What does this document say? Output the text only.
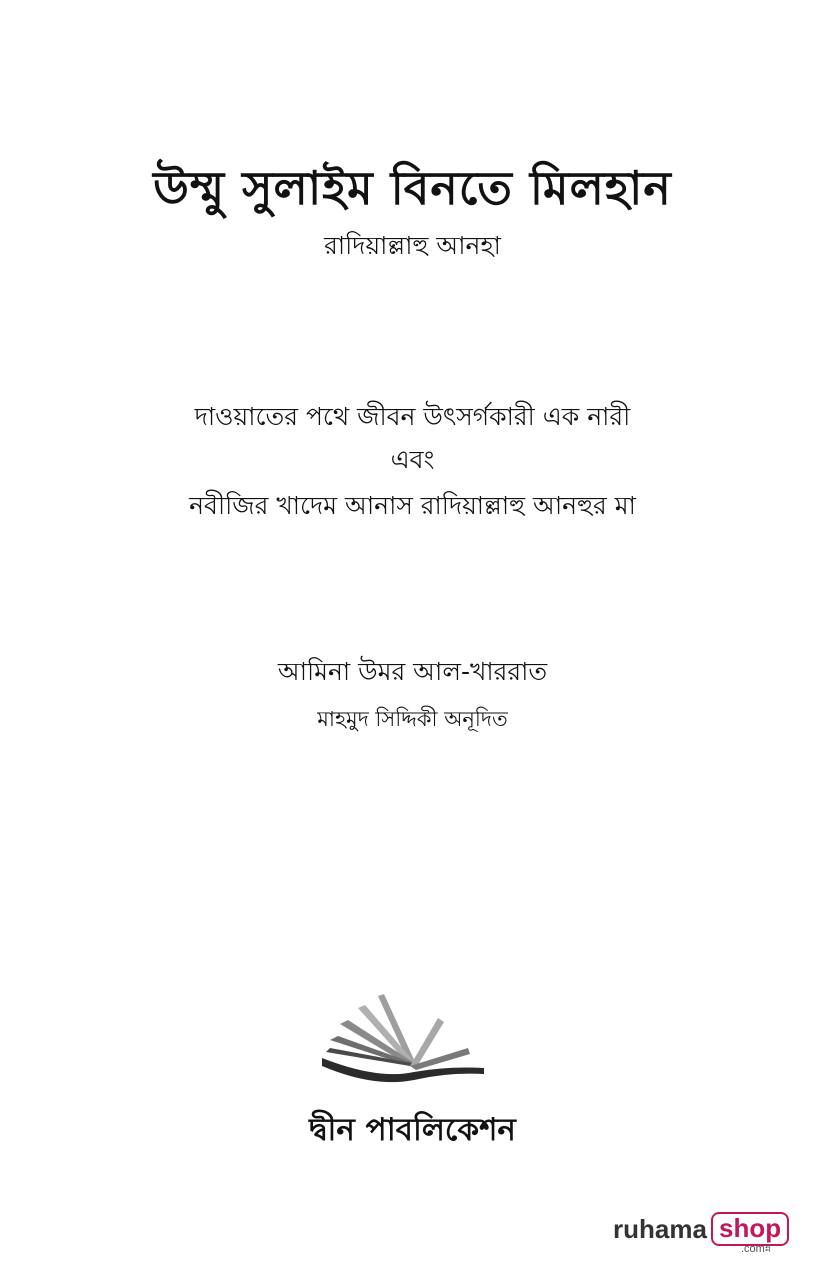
উম্মু সুলাইম বিনতে মিলহান
রাদিয়াল্লাহু আনহা
দাওয়াতের পথে জীবন উৎসর্গকারী এক নারী
এবং
নবীজির খাদেম আনাস রাদিয়াল্লাহু আনহুর মা
আমিনা উমর আল-খাররাত
মাহমুদ সিদ্দিকী অনূদিত
দ্বীন পাবলিকেশন
ruhama shop
.comন্ন
